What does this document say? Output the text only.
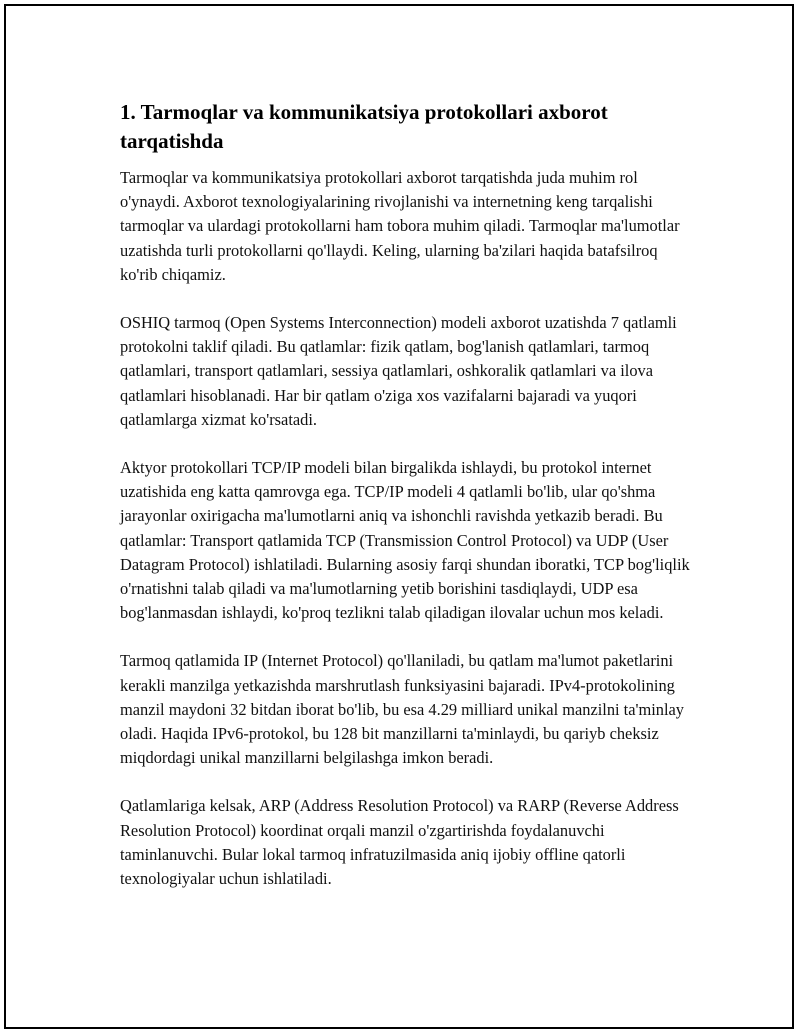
1. Tarmoqlar va kommunikatsiya protokollari axborot tarqatishda

Tarmoqlar va kommunikatsiya protokollari axborot tarqatishda juda muhim rol o'ynaydi. Axborot texnologiyalarining rivojlanishi va internetning keng tarqalishi tarmoqlar va ulardagi protokollarni ham tobora muhim qiladi. Tarmoqlar ma'lumotlar uzatishda turli protokollarni qo'llaydi. Keling, ularning ba'zilari haqida batafsilroq ko'rib chiqamiz.

OSHIQ tarmoq (Open Systems Interconnection) modeli axborot uzatishda 7 qatlamli protokolni taklif qiladi. Bu qatlamlar: fizik qatlam, bog'lanish qatlamlari, tarmoq qatlamlari, transport qatlamlari, sessiya qatlamlari, oshkoralik qatlamlari va ilova qatlamlari hisoblanadi. Har bir qatlam o'ziga xos vazifalarni bajaradi va yuqori qatlamlarga xizmat ko'rsatadi.

Aktyor protokollari TCP/IP modeli bilan birgalikda ishlaydi, bu protokol internet uzatishida eng katta qamrovga ega. TCP/IP modeli 4 qatlamli bo'lib, ular qo'shma jarayonlar oxirigacha ma'lumotlarni aniq va ishonchli ravishda yetkazib beradi. Bu qatlamlar: Transport qatlamida TCP (Transmission Control Protocol) va UDP (User Datagram Protocol) ishlatiladi. Bularning asosiy farqi shundan iboratki, TCP bog'liqlik o'rnatishni talab qiladi va ma'lumotlarning yetib borishini tasdiqlaydi, UDP esa bog'lanmasdan ishlaydi, ko'proq tezlikni talab qiladigan ilovalar uchun mos keladi.

Tarmoq qatlamida IP (Internet Protocol) qo'llaniladi, bu qatlam ma'lumot paketlarini kerakli manzilga yetkazishda marshrutlash funksiyasini bajaradi. IPv4-protokolining manzil maydoni 32 bitdan iborat bo'lib, bu esa 4.29 milliard unikal manzilni ta'minlay oladi. Haqida IPv6-protokol, bu 128 bit manzillarni ta'minlaydi, bu qariyb cheksiz miqdordagi unikal manzillarni belgilashga imkon beradi.

Qatlamlariga kelsak, ARP (Address Resolution Protocol) va RARP (Reverse Address Resolution Protocol) koordinat orqali manzil o'zgartirishda foydalanuvchi taminlanuvchi. Bular lokal tarmoq infratuzilmasida aniq ijobiy offline qatorli texnologiyalar uchun ishlatiladi.
